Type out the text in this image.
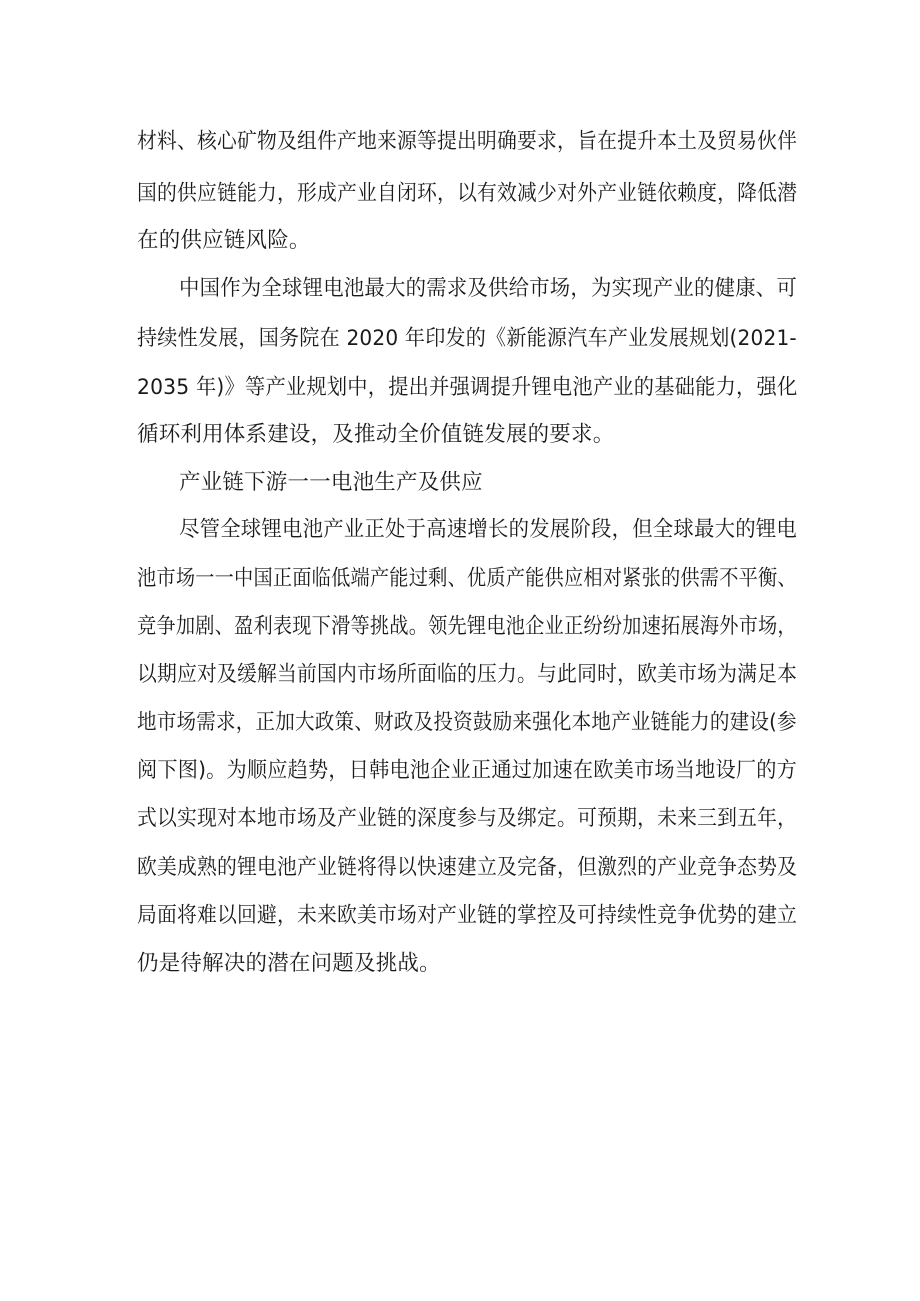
材料、核心矿物及组件产地来源等提出明确要求，旨在提升本土及贸易伙伴
国的供应链能力，形成产业自闭环，以有效减少对外产业链依赖度，降低潜
在的供应链风险。
中国作为全球锂电池最大的需求及供给市场，为实现产业的健康、可
持续性发展，国务院在 2020 年印发的《新能源汽车产业发展规划(2021-
2035 年)》等产业规划中，提出并强调提升锂电池产业的基础能力，强化
循环利用体系建设，及推动全价值链发展的要求。
产业链下游一一电池生产及供应
尽管全球锂电池产业正处于高速增长的发展阶段，但全球最大的锂电
池市场一一中国正面临低端产能过剩、优质产能供应相对紧张的供需不平衡、
竞争加剧、盈利表现下滑等挑战。领先锂电池企业正纷纷加速拓展海外市场，
以期应对及缓解当前国内市场所面临的压力。与此同时，欧美市场为满足本
地市场需求，正加大政策、财政及投资鼓励来强化本地产业链能力的建设(参
阅下图)。为顺应趋势，日韩电池企业正通过加速在欧美市场当地设厂的方
式以实现对本地市场及产业链的深度参与及绑定。可预期，未来三到五年，
欧美成熟的锂电池产业链将得以快速建立及完备，但激烈的产业竞争态势及
局面将难以回避，未来欧美市场对产业链的掌控及可持续性竞争优势的建立
仍是待解决的潜在问题及挑战。
